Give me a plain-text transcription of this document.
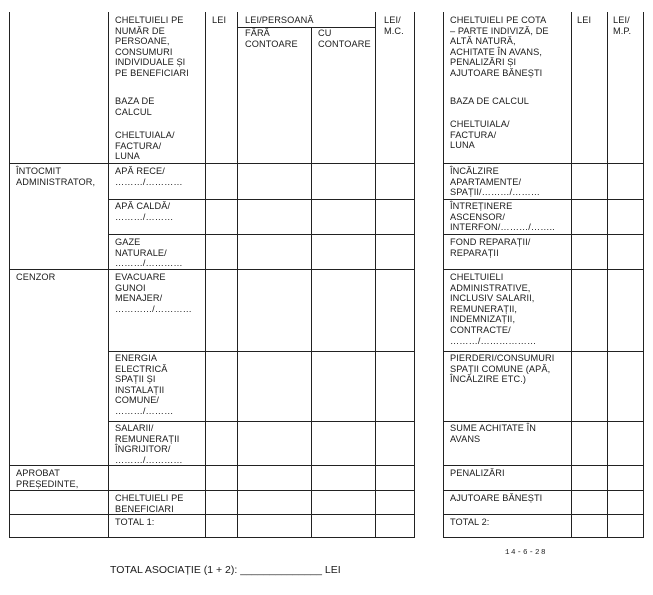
CHELTUIELI PE
NUMĂR DE
PERSOANE,
CONSUMURI
INDIVIDUALE ȘI
PE BENEFICIARI
BAZA DE
CALCUL
CHELTUIALA/
FACTURA/
LUNA
LEI LEI/PERSOANĂ
FĂRĂ
CONTOARE
CU
CONTOARE
LEI/
M.C.
ÎNTOCMIT
ADMINISTRATOR,
CENZOR
APROBAT
PREȘEDINTE,
APĂ RECE/
………/…………
APĂ CALDĂ/
………/………
GAZE
NATURALE/
………/…………
EVACUARE
GUNOI
MENAJER/
…………/…………
ENERGIA
ELECTRICĂ
SPAȚII ȘI
INSTALAȚII
COMUNE/
………/………
SALARII/
REMUNERAȚII
ÎNGRIJITOR/
………/…………
CHELTUIELI PE
BENEFICIARI
TOTAL 1:
CHELTUIELI PE COTA
– PARTE INDIVIZĂ, DE
ALTĂ NATURĂ,
ACHITATE ÎN AVANS,
PENALIZĂRI ȘI
AJUTOARE BĂNEȘTI
BAZA DE CALCUL
CHELTUIALA/
FACTURA/
LUNA
LEI LEI/
M.P.
ÎNCĂLZIRE
APARTAMENTE/
SPAȚII/………/………
ÎNTREȚINERE
ASCENSOR/
INTERFON/………/……..
FOND REPARAȚII/
REPARAȚII
CHELTUIELI
ADMINISTRATIVE,
INCLUSIV SALARII,
REMUNERAȚII,
INDEMNIZAȚII,
CONTRACTE/
………/………………
PIERDERI/CONSUMURI
SPAȚII COMUNE (APĂ,
ÎNCĂLZIRE ETC.)
SUME ACHITATE ÎN
AVANS
PENALIZĂRI
AJUTOARE BĂNEȘTI
TOTAL 2:
14-6-28
TOTAL ASOCIAȚIE (1 + 2): ______________ LEI
